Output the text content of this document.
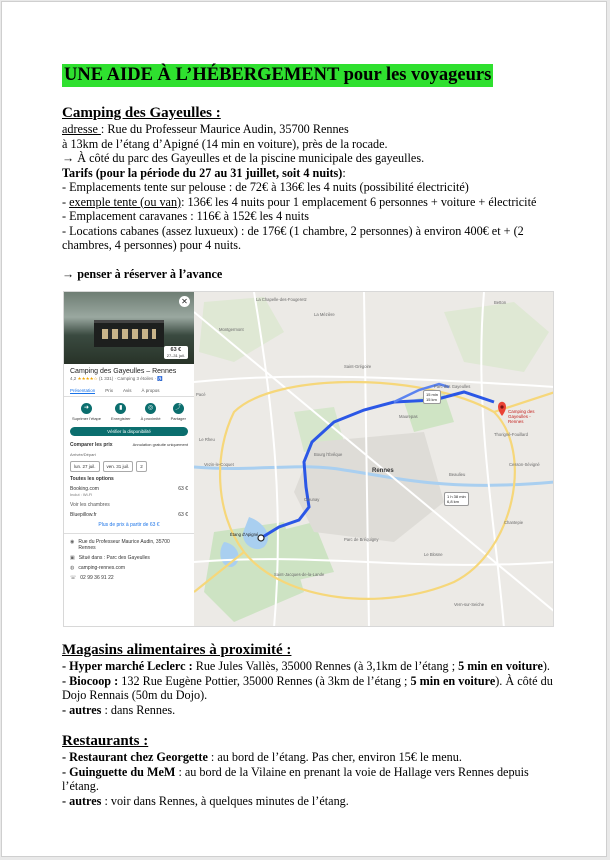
UNE AIDE À L’HÉBERGEMENT pour les voyageurs
Camping des Gayeulles :

adresse : Rue du Professeur Maurice Audin, 35700 Rennes

à 13km de l’étang d’Apigné (14 min en voiture), près de la rocade.

→ À côté du parc des Gayeulles et de la piscine municipale des gayeulles.

Tarifs (pour la période du 27 au 31 juillet, soit 4 nuits):

- Emplacements tente sur pelouse : de 72€ à 136€ les 4 nuits (possibilité électricité)

- exemple tente (ou van): 136€ les 4 nuits pour 1 emplacement 6 personnes + voiture + électricité

- Emplacement caravanes : 116€ à 152€ les 4 nuits

- Locations cabanes (assez luxueux) : de 176€ (1 chambre, 2 personnes) à environ 400€ et + (2 chambres, 4 personnes) pour 4 nuits.

→ penser à réserver à l’avance

✕
63 €
27–31 juil.
Camping des Gayeulles – Rennes
4,2 ★★★★☆ (1 331) · Camping 3 étoiles · ♿
Présentation Prix Avis À propos
➜
Suprimer l'étape
▮
Enregistrer
◎
À proximité
⤴
Partager
Vérifier la disponibilité
Comparer les prix	Annulation gratuite uniquement
Arrivée/Départ
lun. 27 juil.	ven. 31 juil.	2
Toutes les options
Booking.com
Inclut : Wi-Fi
63 €
Voir les chambres
Bluepillow.fr	63 €
Plus de prix à partir de 63 €
◉ Rue du Professeur Maurice Audin, 35700 Rennes
▣ Situé dans : Parc des Gayeulles
◍ camping-rennes.com
☏ 02 99 36 91 22
La Chapelle-des-Fougeretz
Montgermont
Saint-Grégoire
Betton
Pacé
La Mézière
Thorigné-Fouillard
Cesson-Sévigné
Saint-Jacques-de-la-Lande
Chantepie
Vern-sur-Seiche
Le Rheu
Vezin-le-Coquet
Parc de Bréquigny
Parc des Gayeulles
Beaulieu
Maurepas
Bourg l'Évêque
Cleunay
Le Blosne
Rennes
Camping des Gayeulles - Rennes
Étang d'Apigné
15 min
15 km
1 h 38 min
6,8 km
Magasins alimentaires à proximité :

- Hyper marché Leclerc : Rue Jules Vallès, 35000 Rennes (à 3,1km de l’étang ; 5 min en voiture).

- Biocoop : 132 Rue Eugène Pottier, 35000 Rennes (à 3km de l’étang ; 5 min en voiture). À côté du Dojo Rennais (50m du Dojo).

- autres : dans Rennes.

Restaurants :

- Restaurant chez Georgette : au bord de l’étang. Pas cher, environ 15€ le menu.

- Guinguette du MeM : au bord de la Vilaine en prenant la voie de Hallage vers Rennes depuis l’étang.

- autres : voir dans Rennes, à quelques minutes de l’étang.
